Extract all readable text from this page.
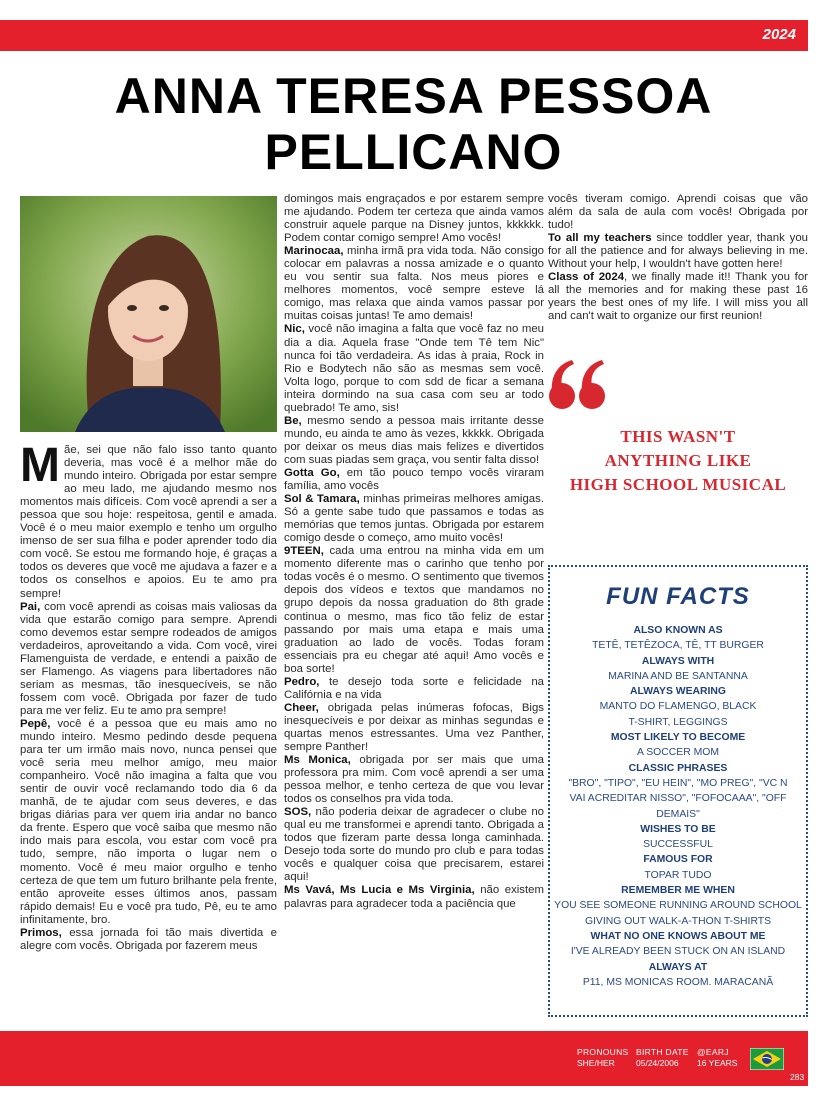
2024
ANNA TERESA PESSOA
PELLICANO

Mãe, sei que não falo isso tanto quanto deveria, mas você é a melhor mãe do mundo inteiro. Obrigada por estar sempre ao meu lado, me ajudando mesmo nos momentos mais difíceis. Com você aprendi a ser a pessoa que sou hoje: respeitosa, gentil e amada. Você é o meu maior exemplo e tenho um orgulho imenso de ser sua filha e poder aprender todo dia com você. Se estou me formando hoje, é graças a todos os deveres que você me ajudava a fazer e a todos os conselhos e apoios. Eu te amo pra sempre!

Pai, com você aprendi as coisas mais valiosas da vida que estarão comigo para sempre. Aprendi como devemos estar sempre rodeados de amigos verdadeiros, aproveitando a vida. Com você, virei Flamenguista de verdade, e entendi a paixão de ser Flamengo. As viagens para libertadores não seriam as mesmas, tão inesquecíveis, se não fossem com você. Obrigada por fazer de tudo para me ver feliz. Eu te amo pra sempre!

Pepê, você é a pessoa que eu mais amo no mundo inteiro. Mesmo pedindo desde pequena para ter um irmão mais novo, nunca pensei que você seria meu melhor amigo, meu maior companheiro. Você não imagina a falta que vou sentir de ouvir você reclamando todo dia 6 da manhã, de te ajudar com seus deveres, e das brigas diárias para ver quem iria andar no banco da frente. Espero que você saiba que mesmo não indo mais para escola, vou estar com você pra tudo, sempre, não importa o lugar nem o momento. Você é meu maior orgulho e tenho certeza de que tem um futuro brilhante pela frente, então aproveite esses últimos anos, passam rápido demais! Eu e você pra tudo, Pê, eu te amo infinitamente, bro.

Primos, essa jornada foi tão mais divertida e alegre com vocês. Obrigada por fazerem meus

domingos mais engraçados e por estarem sempre me ajudando. Podem ter certeza que ainda vamos construir aquele parque na Disney juntos, kkkkkk. Podem contar comigo sempre! Amo vocês!

Marinocaa, minha irmã pra vida toda. Não consigo colocar em palavras a nossa amizade e o quanto eu vou sentir sua falta. Nos meus piores e melhores momentos, você sempre esteve lá comigo, mas relaxa que ainda vamos passar por muitas coisas juntas! Te amo demais!

Nic, você não imagina a falta que você faz no meu dia a dia. Aquela frase "Onde tem Tê tem Nic" nunca foi tão verdadeira. As idas à praia, Rock in Rio e Bodytech não são as mesmas sem você. Volta logo, porque to com sdd de ficar a semana inteira dormindo na sua casa com seu ar todo quebrado! Te amo, sis!

Be, mesmo sendo a pessoa mais irritante desse mundo, eu ainda te amo às vezes, kkkkk. Obrigada por deixar os meus dias mais felizes e divertidos com suas piadas sem graça, vou sentir falta disso!

Gotta Go, em tão pouco tempo vocês viraram família, amo vocês

Sol & Tamara, minhas primeiras melhores amigas. Só a gente sabe tudo que passamos e todas as memórias que temos juntas. Obrigada por estarem comigo desde o começo, amo muito vocês!

9TEEN, cada uma entrou na minha vida em um momento diferente mas o carinho que tenho por todas vocês é o mesmo. O sentimento que tivemos depois dos vídeos e textos que mandamos no grupo depois da nossa graduation do 8th grade continua o mesmo, mas fico tão feliz de estar passando por mais uma etapa e mais uma graduation ao lado de vocês. Todas foram essenciais pra eu chegar até aqui! Amo vocês e boa sorte!

Pedro, te desejo toda sorte e felicidade na Califórnia e na vida

Cheer, obrigada pelas inúmeras fofocas, Bigs inesquecíveis e por deixar as minhas segundas e quartas menos estressantes. Uma vez Panther, sempre Panther!

Ms Monica, obrigada por ser mais que uma professora pra mim. Com você aprendi a ser uma pessoa melhor, e tenho certeza de que vou levar todos os conselhos pra vida toda.

SOS, não poderia deixar de agradecer o clube no qual eu me transformei e aprendi tanto. Obrigada a todos que fizeram parte dessa longa caminhada. Desejo toda sorte do mundo pro club e para todas vocês e qualquer coisa que precisarem, estarei aqui!

Ms Vavá, Ms Lucia e Ms Virginia, não existem palavras para agradecer toda a paciência que

vocês tiveram comigo. Aprendi coisas que vão além da sala de aula com vocês! Obrigada por tudo!

To all my teachers since toddler year, thank you for all the patience and for always believing in me. Without your help, I wouldn't have gotten here!

Class of 2024, we finally made it!! Thank you for all the memories and for making these past 16 years the best ones of my life. I will miss you all and can't wait to organize our first reunion!

THIS WASN'T
ANYTHING LIKE
HIGH SCHOOL MUSICAL
FUN FACTS
ALSO KNOWN AS
TETÊ, TETÊZOCA, TÊ, TT BURGER
ALWAYS WITH
MARINA AND BE SANTANNA
ALWAYS WEARING
MANTO DO FLAMENGO, BLACK T-SHIRT, LEGGINGS
MOST LIKELY TO BECOME
A SOCCER MOM
CLASSIC PHRASES
"BRO", "TIPO", "EU HEIN", "MO PREG", "VC N VAI ACREDITAR NISSO", "FOFOCAAA", "OFF DEMAIS"
WISHES TO BE
SUCCESSFUL
FAMOUS FOR
TOPAR TUDO
REMEMBER ME WHEN
YOU SEE SOMEONE RUNNING AROUND SCHOOL GIVING OUT WALK-A-THON T-SHIRTS
WHAT NO ONE KNOWS ABOUT ME
I'VE ALREADY BEEN STUCK ON AN ISLAND
ALWAYS AT
P11, MS MONICAS ROOM. MARACANÃ
PRONOUNS
SHE/HER
BIRTH DATE
05/24/2006
@EARJ
16 YEARS
283
